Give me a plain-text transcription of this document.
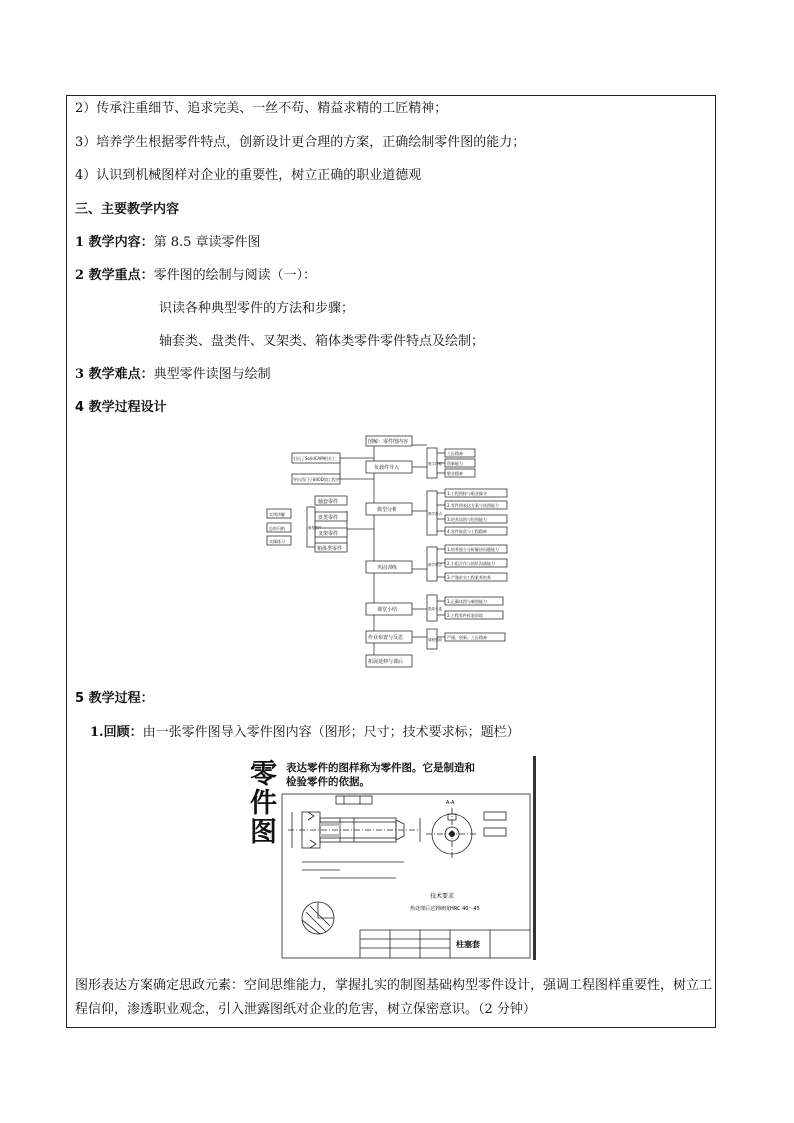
2）传承注重细节、追求完美、一丝不苟、精益求精的工匠精神；
3）培养学生根据零件特点，创新设计更合理的方案，正确绘制零件图的能力；
4）认识到机械图样对企业的重要性，树立正确的职业道德观
三、主要教学内容
1 教学内容：第 8.5 章读零件图
2 教学重点：零件图的绘制与阅读（一）：
识读各种典型零件的方法和步骤；
轴套类、盘类件、叉架类、箱体类零件零件特点及绘制；
3 教学难点：典型零件读图与绘制
4 教学过程设计
图解：零件图内容
负载件导入
典型分析
巩固训练
课堂小结
作业布置与反思
拓展延伸与课后
引出了SolidCAM相关工
导出西门子840D加工程序
轴套零件
盘类零件
叉架零件
箱体类零件
典型零件
实例讲解
总结归纳
实操练习
教学目标
教学重点
教学难点
思政元素
课程思政
工匠精神
创新能力
敬业精神
1.工程图样与职业操守
2.零件图表达方案与读图能力
3.培养读图与绘图能力
4.零件规范与工程精神
1.培养独立分析解决问题能力
2.小组合作与团队沟通能力
3.严谨求实工程素养培养
1.正确读图与制图能力
2.工程零件拆装训练
严谨、创新、工匠精神
5 教学过程：
1.回顾：由一张零件图导入零件图内容（图形；尺寸；技术要求标；题栏）
零
件
图
表达零件的图样称为零件图。它是制造和
检验零件的依据。
A-A
技术要求
热处理后达到硬度HRC 40～45
柱塞套
图形表达方案确定思政元素：空间思维能力，掌握扎实的制图基础构型零件设计，强调工程图样重要性，树立工程信仰，渗透职业观念，引入泄露图纸对企业的危害，树立保密意识。（2 分钟）
